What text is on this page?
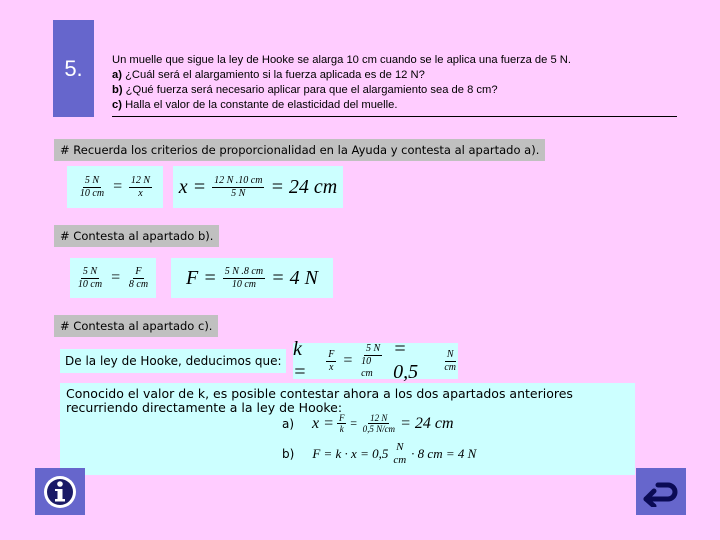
5.	Un muelle que sigue la ley de Hooke se alarga 10 cm cuando se le aplica una fuerza de 5 N.
a) ¿Cuál será el alargamiento si la fuerza aplicada es de 12 N?
b) ¿Qué fuerza será necesario aplicar para que el alargamiento sea de 8 cm?
c) Halla el valor de la constante de elasticidad del muelle.
# Recuerda los criterios de proporcionalidad en la Ayuda y contesta al apartado a).
$\frac{5 N}{10 cm} = \frac{12 N}{x}$ $x = \frac{12 N .10 cm}{5 N} = 24$ cm
# Contesta al apartado b).
$\frac{5 N}{10 cm} = \frac{F}{8 cm}$ $F = \frac{5 N .8 cm}{10 cm} = 4$ N
# Contesta al apartado c).
De la ley de Hooke, deducimos que:
k =	$\frac{F}{x} = \frac{5 N}{10 cm} = 0,5$	$\frac{N}{cm}$
Conocido el valor de k, es posible contestar ahora a los dos apartados anteriores recurriendo directamente a la ley de Hooke:
a) $x = \frac{F}{k} = \frac{12 N}{0,5 N/cm} = 24$ cm
b) F = k · x = 0,5 N
cm · 8 cm = 4 N
